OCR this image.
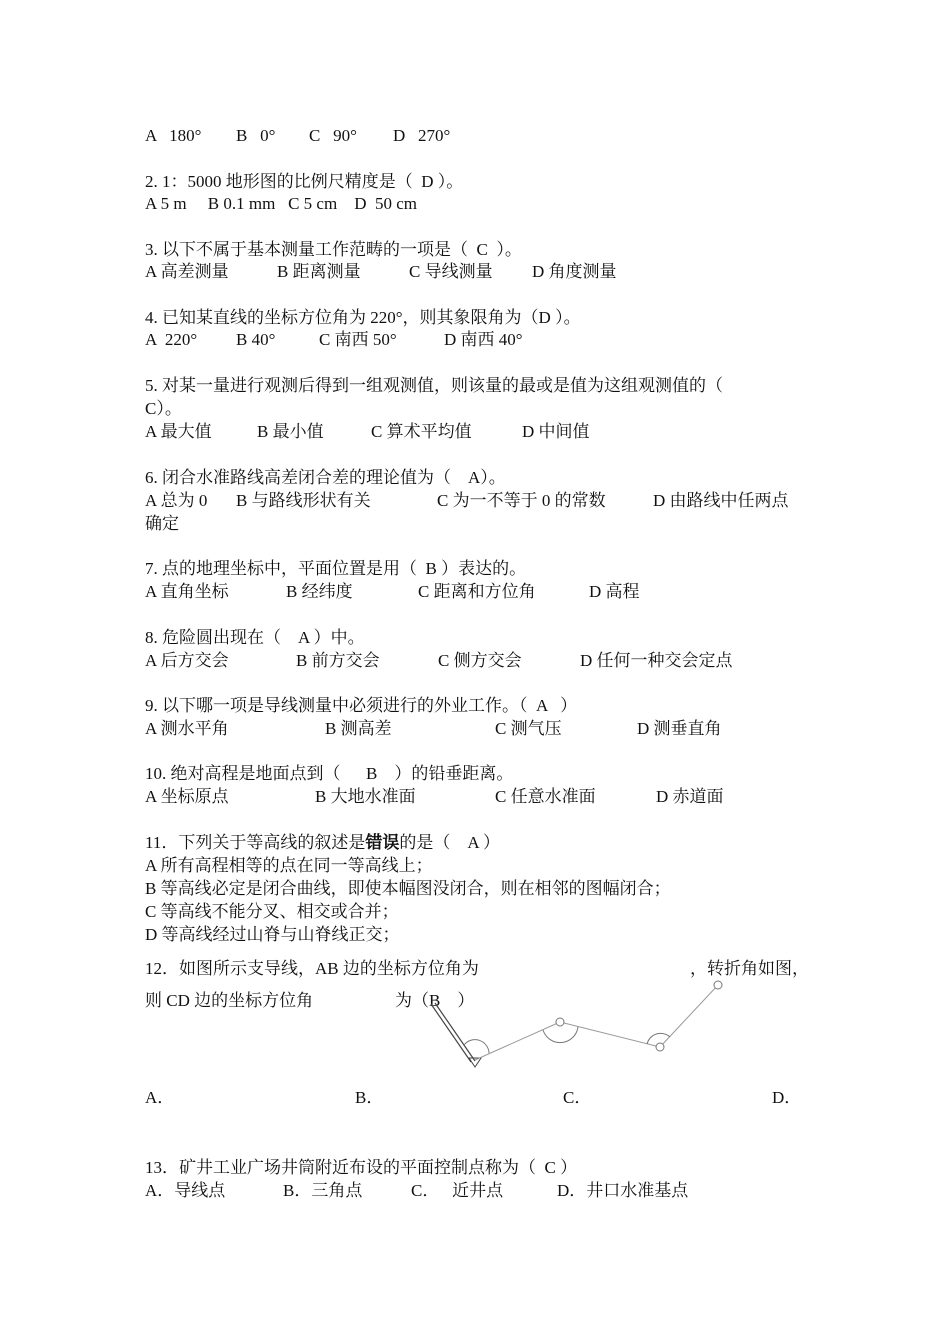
A   180° B   0° C   90° D   270°
2. 1：5000 地形图的比例尺精度是（  D ）。
A 5 m     B 0.1 mm   C 5 cm    D  50 cm
3. 以下不属于基本测量工作范畴的一项是（  C  ）。
A 高差测量	B 距离测量	C 导线测量 D 角度测量
4. 已知某直线的坐标方位角为 220°，则其象限角为（D ）。
A  220° B 40°	C 南西 50°	D 南西 40°
5. 对某一量进行观测后得到一组观测值，则该量的最或是值为这组观测值的（
C）。
A 最大值	B 最小值	C 算术平均值	D 中间值
6. 闭合水准路线高差闭合差的理论值为（    A）。
A 总为 0 B 与路线形状有关	C 为一不等于 0 的常数	D 由路线中任两点
确定
7. 点的地理坐标中，平面位置是用（  B ）表达的。
A 直角坐标	B 经纬度	C 距离和方位角	D 高程
8. 危险圆出现在（    A ）中。
A 后方交会	B 前方交会	C 侧方交会	D 任何一种交会定点
9. 以下哪一项是导线测量中必须进行的外业工作。（  A   ）
A 测水平角	B 测高差	C 测气压	D 测垂直角
10. 绝对高程是地面点到（      B    ）的铅垂距离。
A 坐标原点	B 大地水准面	C 任意水准面	D 赤道面
11．下列关于等高线的叙述是错误的是（    A ）
A 所有高程相等的点在同一等高线上；
B 等高线必定是闭合曲线，即使本幅图没闭合，则在相邻的图幅闭合；
C 等高线不能分叉、相交或合并；
D 等高线经过山脊与山脊线正交；
12．如图所示支导线，AB 边的坐标方位角为	，转折角如图，
则 CD 边的坐标方位角	为（B    ）
A．	B．	C．	D．
13．矿井工业广场井筒附近布设的平面控制点称为（  C ）
A．导线点	B．三角点	C．   近井点	D．井口水准基点
